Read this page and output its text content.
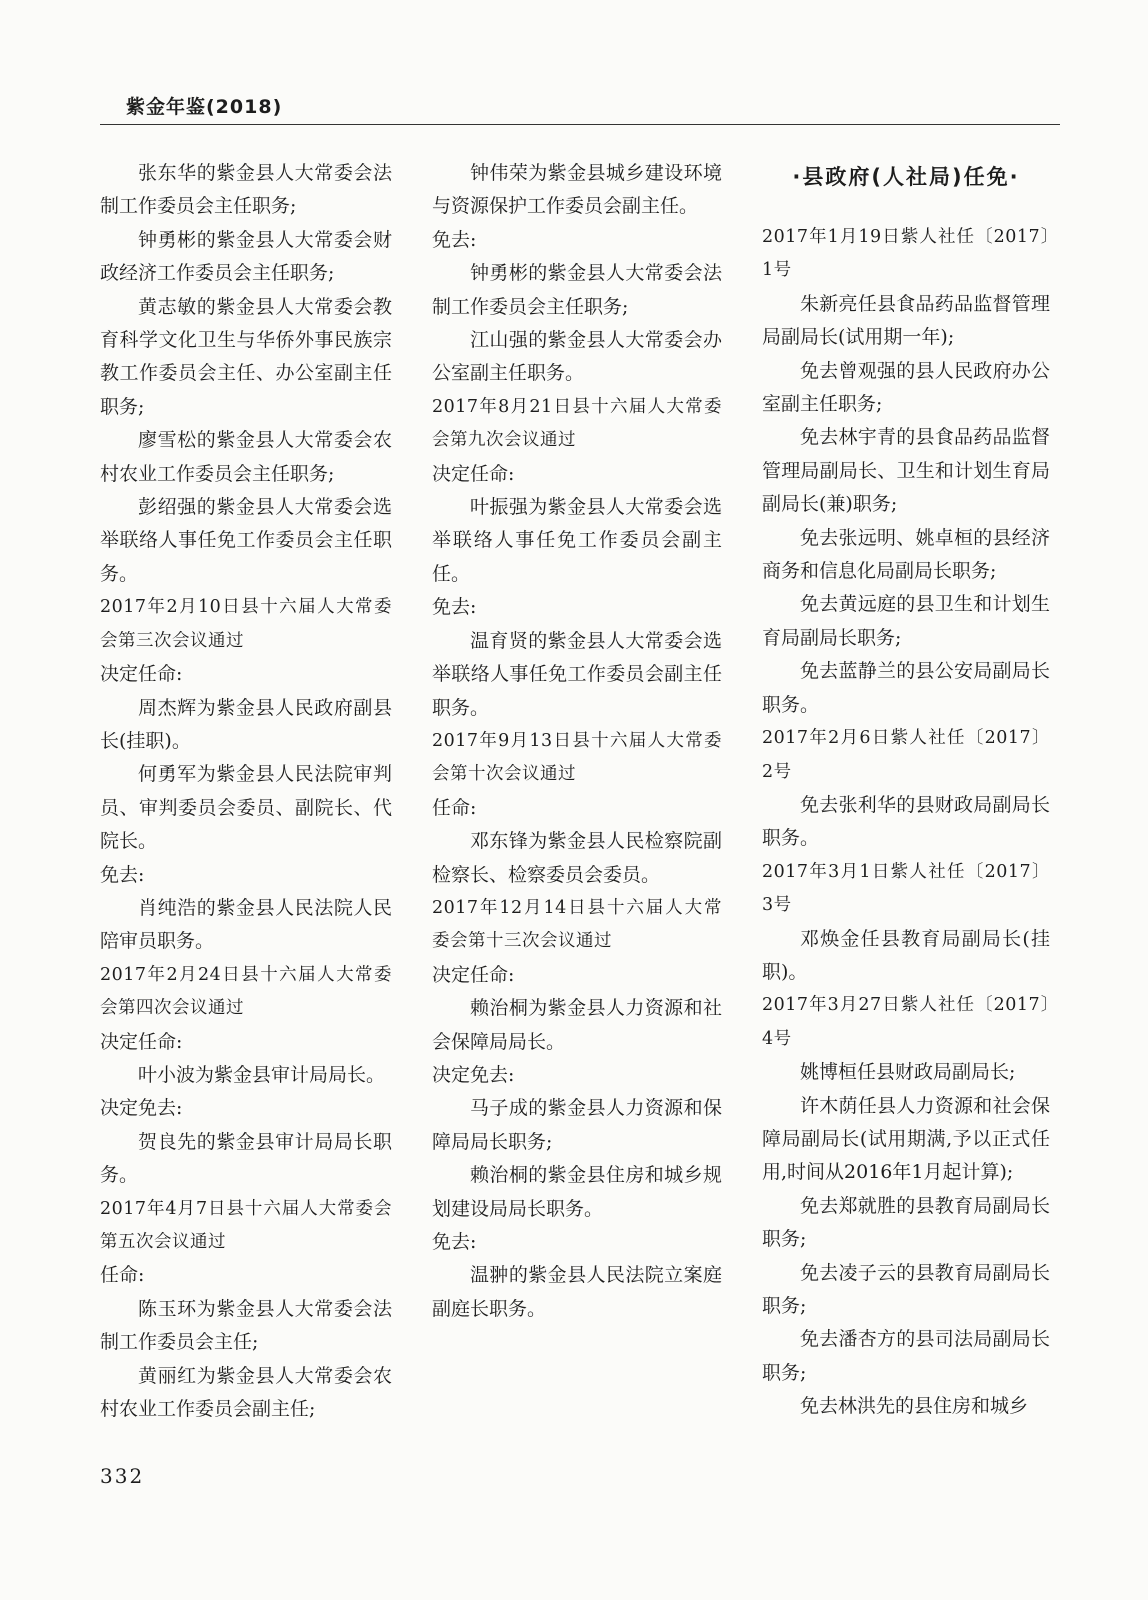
紫金年鉴(2018)

张东华的紫金县人大常委会法制工作委员会主任职务;

钟勇彬的紫金县人大常委会财政经济工作委员会主任职务;

黄志敏的紫金县人大常委会教育科学文化卫生与华侨外事民族宗教工作委员会主任、办公室副主任职务;

廖雪松的紫金县人大常委会农村农业工作委员会主任职务;

彭绍强的紫金县人大常委会选举联络人事任免工作委员会主任职务。

2017年2月10日县十六届人大常委会第三次会议通过

决定任命:

周杰辉为紫金县人民政府副县长(挂职)。

何勇军为紫金县人民法院审判员、审判委员会委员、副院长、代院长。

免去:

肖纯浩的紫金县人民法院人民陪审员职务。

2017年2月24日县十六届人大常委会第四次会议通过

决定任命:

叶小波为紫金县审计局局长。

决定免去:

贺良先的紫金县审计局局长职务。

2017年4月7日县十六届人大常委会第五次会议通过

任命:

陈玉环为紫金县人大常委会法制工作委员会主任;

黄丽红为紫金县人大常委会农村农业工作委员会副主任;

钟伟荣为紫金县城乡建设环境与资源保护工作委员会副主任。

免去:

钟勇彬的紫金县人大常委会法制工作委员会主任职务;

江山强的紫金县人大常委会办公室副主任职务。

2017年8月21日县十六届人大常委会第九次会议通过

决定任命:

叶振强为紫金县人大常委会选举联络人事任免工作委员会副主任。

免去:

温育贤的紫金县人大常委会选举联络人事任免工作委员会副主任职务。

2017年9月13日县十六届人大常委会第十次会议通过

任命:

邓东锋为紫金县人民检察院副检察长、检察委员会委员。

2017年12月14日县十六届人大常委会第十三次会议通过

决定任命:

赖治桐为紫金县人力资源和社会保障局局长。

决定免去:

马子成的紫金县人力资源和保障局局长职务;

赖治桐的紫金县住房和城乡规划建设局局长职务。

免去:

温翀的紫金县人民法院立案庭副庭长职务。

·县政府(人社局)任免·

2017年1月19日紫人社任〔2017〕1号

朱新亮任县食品药品监督管理局副局长(试用期一年);

免去曾观强的县人民政府办公室副主任职务;

免去林宇青的县食品药品监督管理局副局长、卫生和计划生育局副局长(兼)职务;

免去张远明、姚卓桓的县经济商务和信息化局副局长职务;

免去黄远庭的县卫生和计划生育局副局长职务;

免去蓝静兰的县公安局副局长职务。

2017年2月6日紫人社任〔2017〕2号

免去张利华的县财政局副局长职务。

2017年3月1日紫人社任〔2017〕3号

邓焕金任县教育局副局长(挂职)。

2017年3月27日紫人社任〔2017〕4号

姚博桓任县财政局副局长;

许木荫任县人力资源和社会保障局副局长(试用期满,予以正式任用,时间从2016年1月起计算);

免去郑就胜的县教育局副局长职务;

免去凌子云的县教育局副局长职务;

免去潘杏方的县司法局副局长职务;

免去林洪先的县住房和城乡

332
